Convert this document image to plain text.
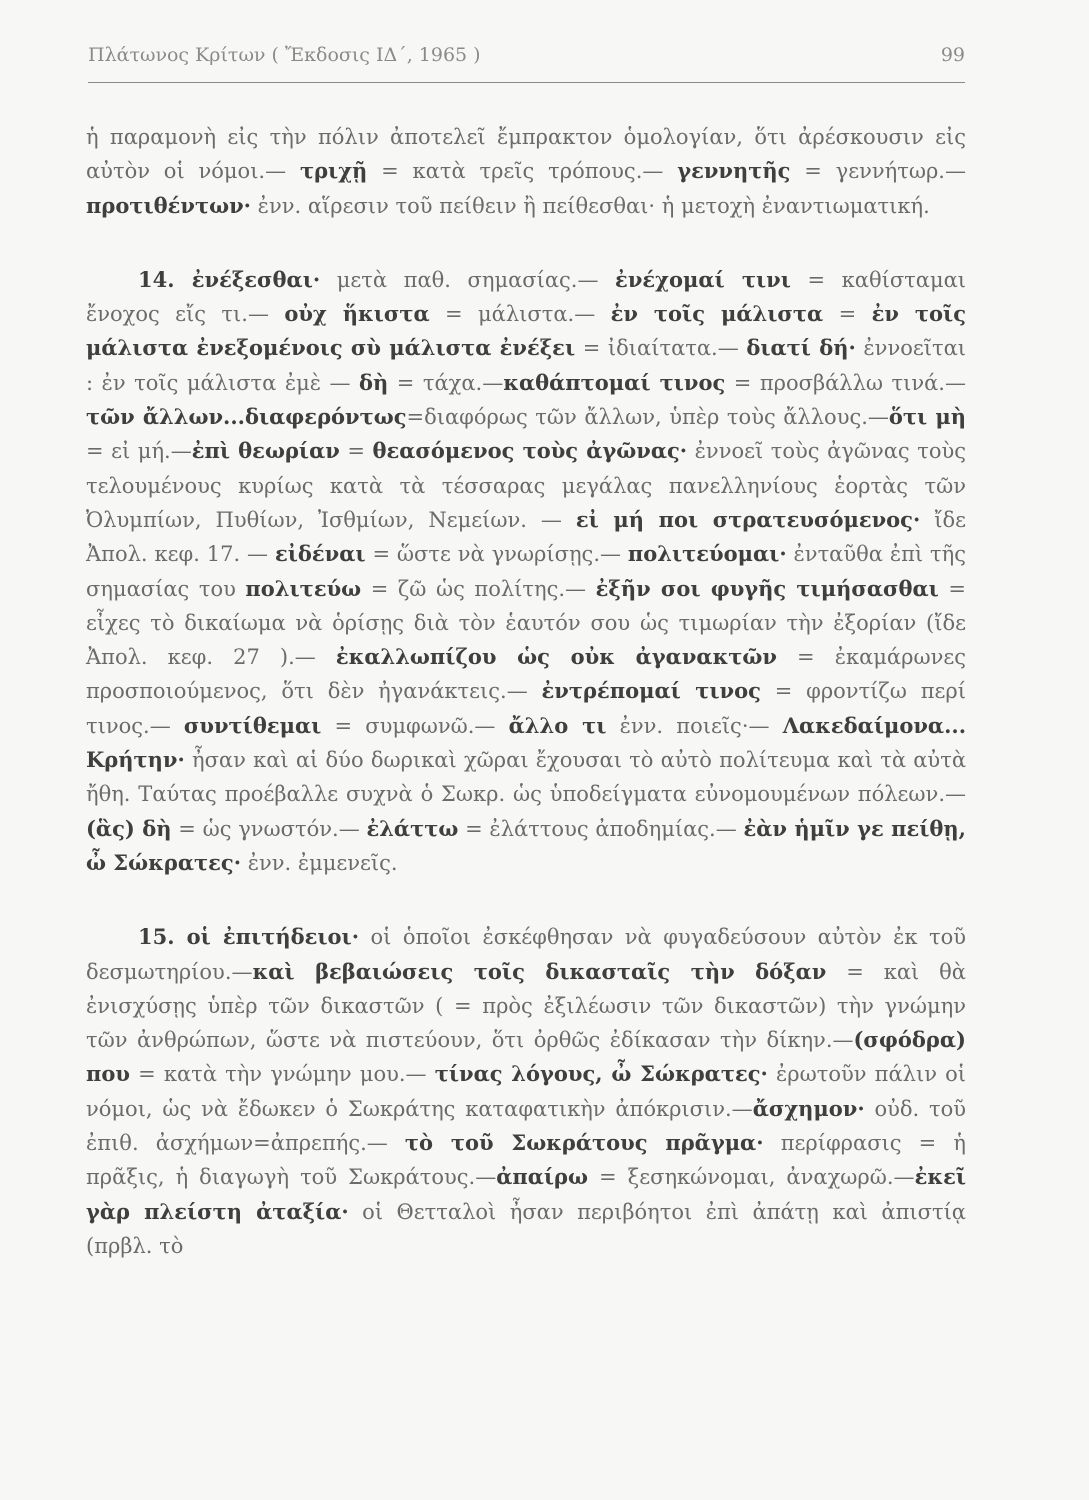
Πλάτωνος Κρίτων ( Ἔκδοσις ΙΔ΄, 1965 )	99

ἡ παραμονὴ εἰς τὴν πόλιν ἀποτελεῖ ἔμπρακτον ὁμολογίαν, ὅτι ἀρέσκουσιν εἰς αὐτὸν οἱ νόμοι.— τριχῇ = κατὰ τρεῖς τρόπους.— γεννητῆς = γεννήτωρ.— προτιθέντων· ἐνν. αἵρεσιν τοῦ πείθειν ἢ πείθεσθαι· ἡ μετοχὴ ἐναντιωματική.

14. ἐνέξεσθαι· μετὰ παθ. σημασίας.— ἐνέχομαί τινι = καθίσταμαι ἔνοχος εἴς τι.— οὐχ ἥκιστα = μάλιστα.— ἐν τοῖς μάλιστα = ἐν τοῖς μάλιστα ἐνεξομένοις σὺ μάλιστα ἐνέξει = ἰδιαίτατα.— διατί δή· ἐννοεῖται : ἐν τοῖς μάλιστα ἐμὲ — δὴ = τάχα.—καθάπτομαί τινος = προσβάλλω τινά.—τῶν ἄλλων...διαφερόντως=διαφόρως τῶν ἄλλων, ὑπὲρ τοὺς ἄλλους.—ὅτι μὴ = εἰ μή.—ἐπὶ θεωρίαν = θεασόμενος τοὺς ἀγῶνας· ἐννοεῖ τοὺς ἀγῶνας τοὺς τελουμένους κυρίως κατὰ τὰ τέσσαρας μεγάλας πανελληνίους ἑορτὰς τῶν Ὀλυμπίων, Πυθίων, Ἰσθμίων, Νεμείων. — εἰ μή ποι στρατευσόμενος· ἴδε Ἀπολ. κεφ. 17. — εἰδέναι = ὥστε νὰ γνωρίσῃς.— πολιτεύομαι· ἐνταῦθα ἐπὶ τῆς σημασίας του πολιτεύω = ζῶ ὡς πολίτης.— ἐξῆν σοι φυγῆς τιμήσασθαι = εἶχες τὸ δικαίωμα νὰ ὁρίσῃς διὰ τὸν ἑαυτόν σου ὡς τιμωρίαν τὴν ἐξορίαν (ἴδε Ἀπολ. κεφ. 27 ).— ἐκαλλωπίζου ὡς οὐκ ἀγανακτῶν = ἐκαμάρωνες προσποιούμενος, ὅτι δὲν ἠγανάκτεις.— ἐντρέπομαί τινος = φροντίζω περί τινος.— συντίθεμαι = συμφωνῶ.— ἄλλο τι ἐνν. ποιεῖς·— Λακεδαίμονα... Κρήτην· ἦσαν καὶ αἱ δύο δωρικαὶ χῶραι ἔχουσαι τὸ αὐτὸ πολίτευμα καὶ τὰ αὐτὰ ἤθη. Ταύτας προέβαλλε συχνὰ ὁ Σωκρ. ὡς ὑποδείγματα εὐνομουμένων πόλεων.— (ἃς) δὴ = ὡς γνωστόν.— ἐλάττω = ἐλάττους ἀποδημίας.— ἐὰν ἡμῖν γε πείθῃ, ὦ Σώκρατες· ἐνν. ἐμμενεῖς.

15. οἱ ἐπιτήδειοι· οἱ ὁποῖοι ἐσκέφθησαν νὰ φυγαδεύσουν αὐτὸν ἐκ τοῦ δεσμωτηρίου.—καὶ βεβαιώσεις τοῖς δικασταῖς τὴν δόξαν = καὶ θὰ ἐνισχύσῃς ὑπὲρ τῶν δικαστῶν ( = πρὸς ἐξιλέωσιν τῶν δικαστῶν) τὴν γνώμην τῶν ἀνθρώπων, ὥστε νὰ πιστεύουν, ὅτι ὀρθῶς ἐδίκασαν τὴν δίκην.—(σφόδρα) που = κατὰ τὴν γνώμην μου.— τίνας λόγους, ὦ Σώκρατες· ἐρωτοῦν πάλιν οἱ νόμοι, ὡς νὰ ἔδωκεν ὁ Σωκράτης καταφατικὴν ἀπόκρισιν.—ἄσχημον· οὐδ. τοῦ ἐπιθ. ἀσχήμων=ἀπρεπής.— τὸ τοῦ Σωκράτους πρᾶγμα· περίφρασις = ἡ πρᾶξις, ἡ διαγωγὴ τοῦ Σωκράτους.—ἀπαίρω = ξεσηκώνομαι, ἀναχωρῶ.—ἐκεῖ γὰρ πλείστη ἀταξία· οἱ Θετταλοὶ ἦσαν περιβόητοι ἐπὶ ἀπάτῃ καὶ ἀπιστίᾳ (πρβλ. τὸ
